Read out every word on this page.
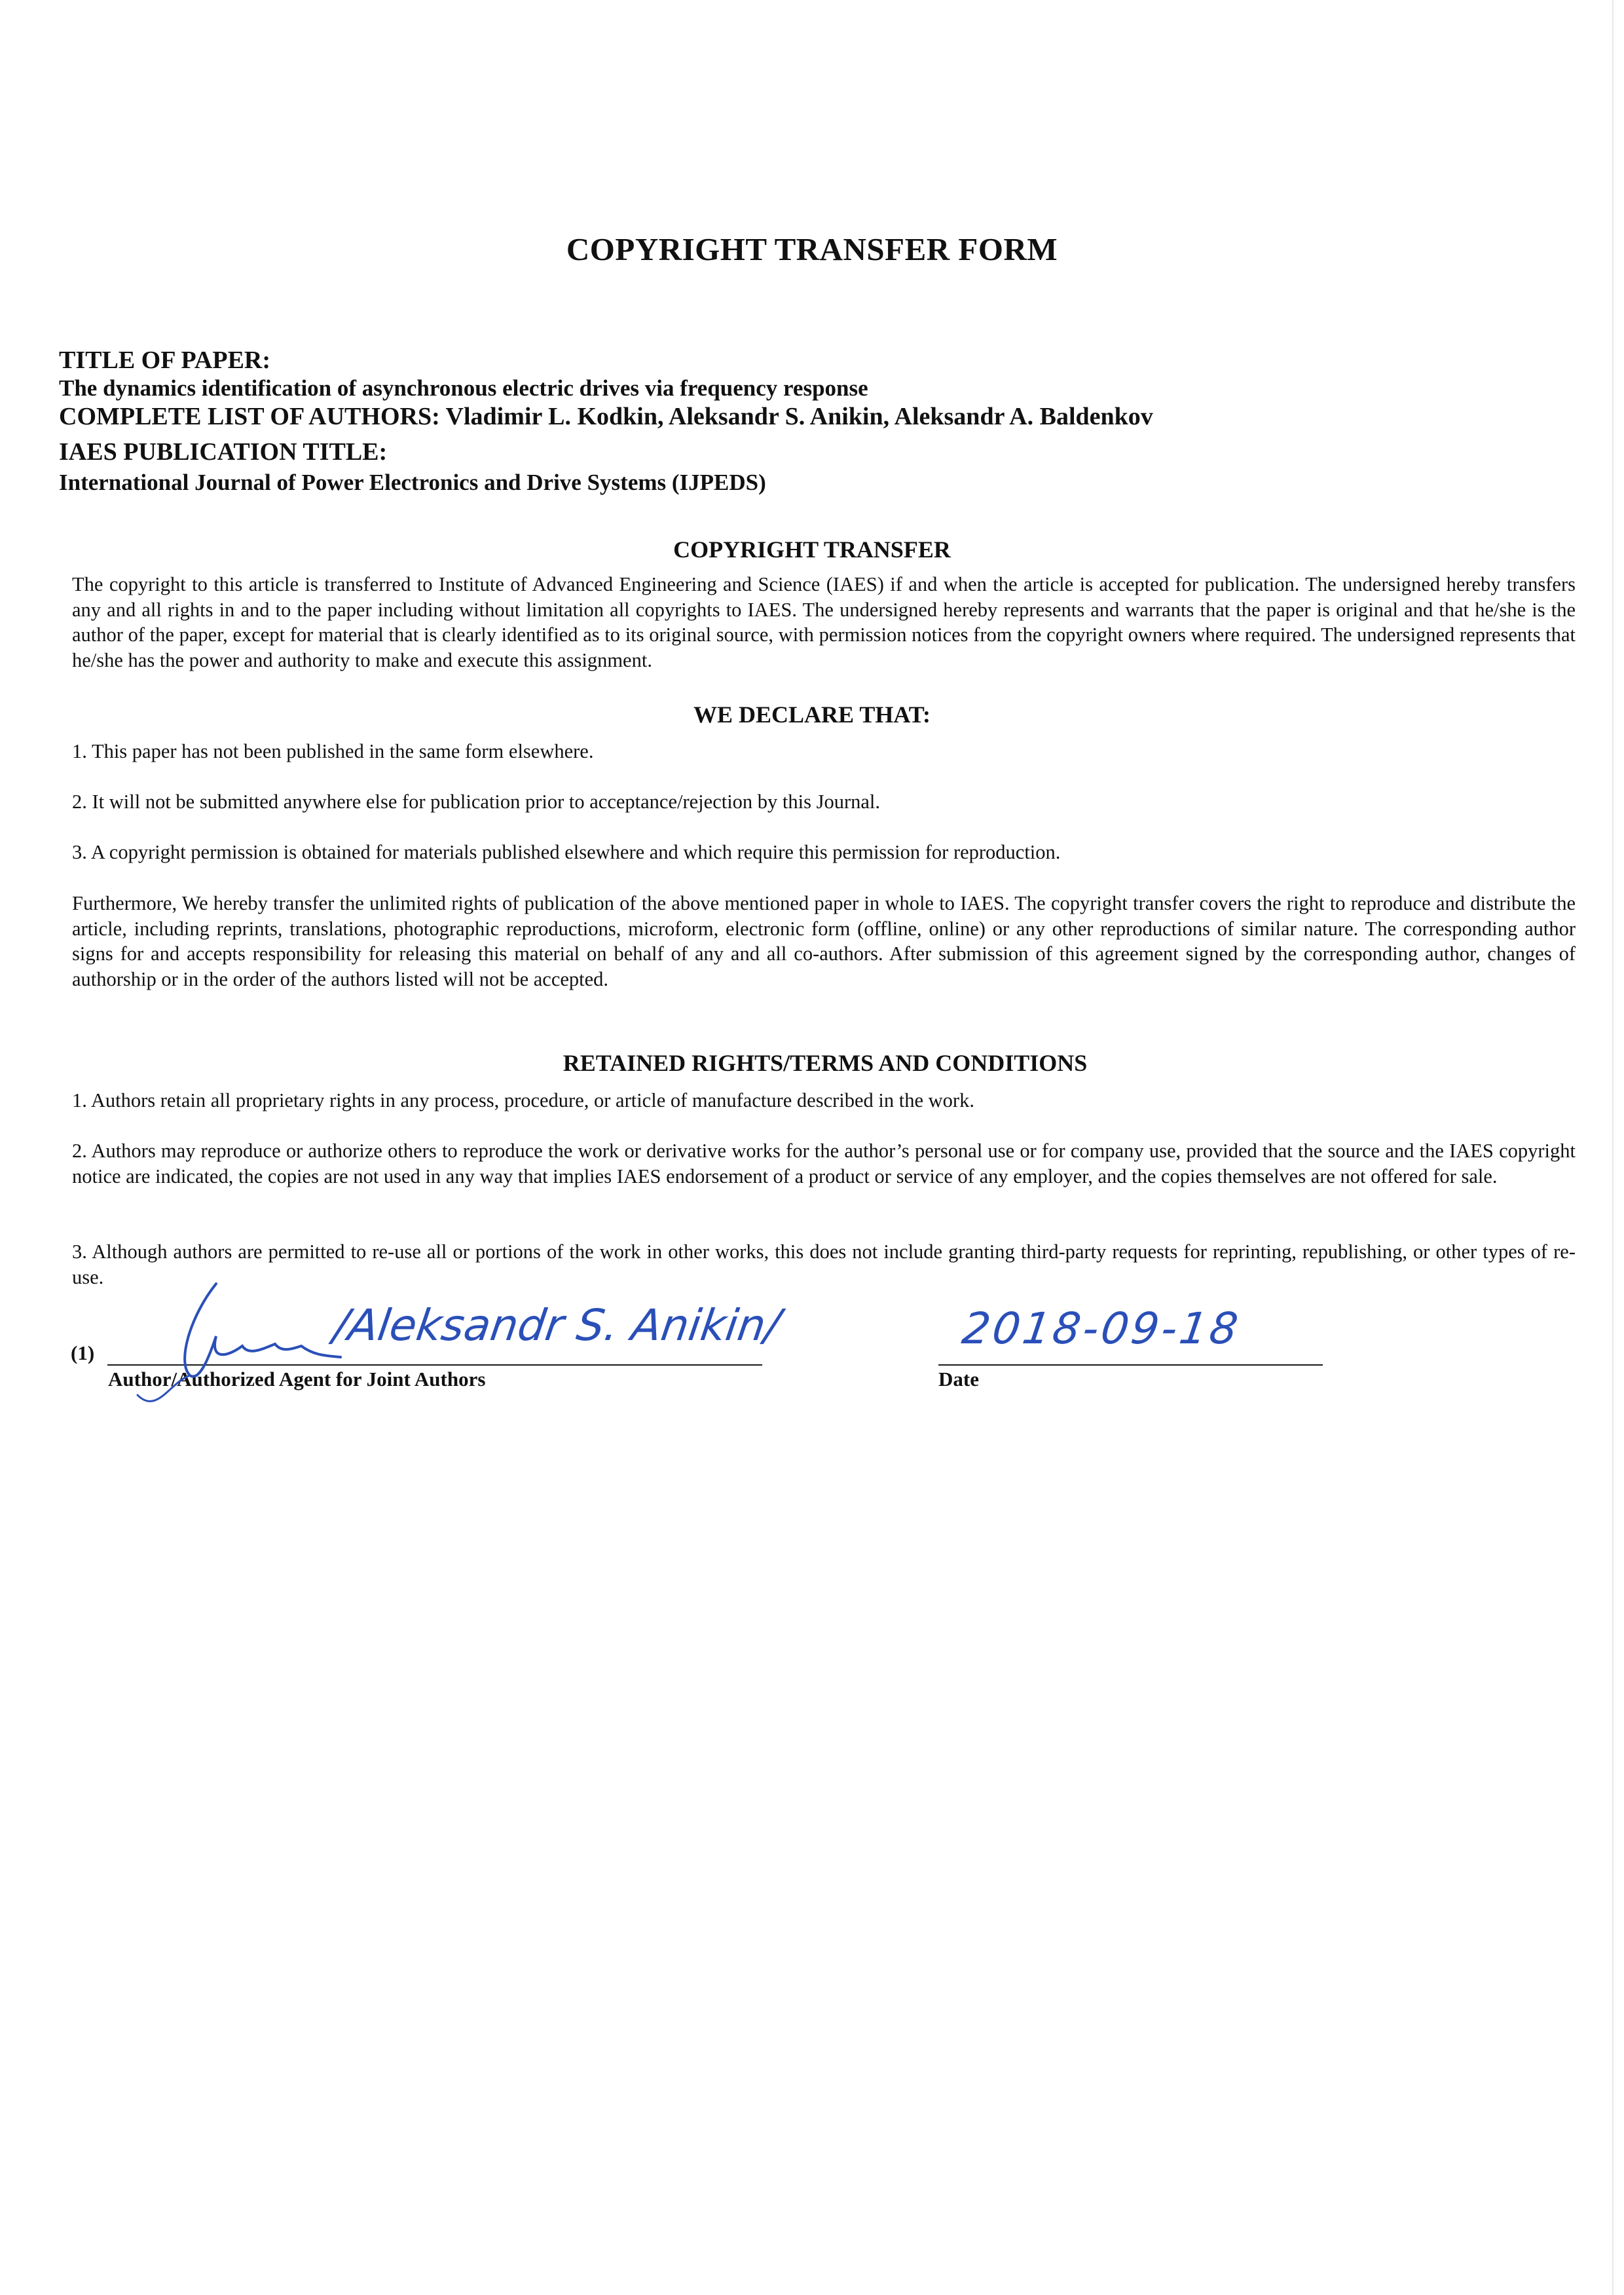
COPYRIGHT TRANSFER FORM
TITLE OF PAPER:
The dynamics identification of asynchronous electric drives via frequency response
COMPLETE LIST OF AUTHORS: Vladimir L. Kodkin, Aleksandr S. Anikin, Aleksandr A. Baldenkov
IAES PUBLICATION TITLE:
International Journal of Power Electronics and Drive Systems (IJPEDS)
COPYRIGHT TRANSFER
The copyright to this article is transferred to Institute of Advanced Engineering and Science (IAES) if and when the article is accepted for publication. The undersigned hereby transfers any and all rights in and to the paper including without limitation all copyrights to IAES. The undersigned hereby represents and warrants that the paper is original and that he/she is the author of the paper, except for material that is clearly identified as to its original source, with permission notices from the copyright owners where required. The undersigned represents that he/she has the power and authority to make and execute this assignment.
WE DECLARE THAT:
1. This paper has not been published in the same form elsewhere.
2. It will not be submitted anywhere else for publication prior to acceptance/rejection by this Journal.
3. A copyright permission is obtained for materials published elsewhere and which require this permission for reproduction.
Furthermore, We hereby transfer the unlimited rights of publication of the above mentioned paper in whole to IAES. The copyright transfer covers the right to reproduce and distribute the article, including reprints, translations, photographic reproductions, microform, electronic form (offline, online) or any other reproductions of similar nature. The corresponding author signs for and accepts responsibility for releasing this material on behalf of any and all co-authors. After submission of this agreement signed by the corresponding author, changes of authorship or in the order of the authors listed will not be accepted.
RETAINED RIGHTS/TERMS AND CONDITIONS
1. Authors retain all proprietary rights in any process, procedure, or article of manufacture described in the work.
2. Authors may reproduce or authorize others to reproduce the work or derivative works for the author’s personal use or for company use, provided that the source and the IAES copyright notice are indicated, the copies are not used in any way that implies IAES endorsement of a product or service of any employer, and the copies themselves are not offered for sale.
3. Although authors are permitted to re-use all or portions of the work in other works, this does not include granting third-party requests for reprinting, republishing, or other types of re-use.
(1)
Author/Authorized Agent for Joint Authors	Date
/Aleksandr S. Anikin/	2018-09-18
